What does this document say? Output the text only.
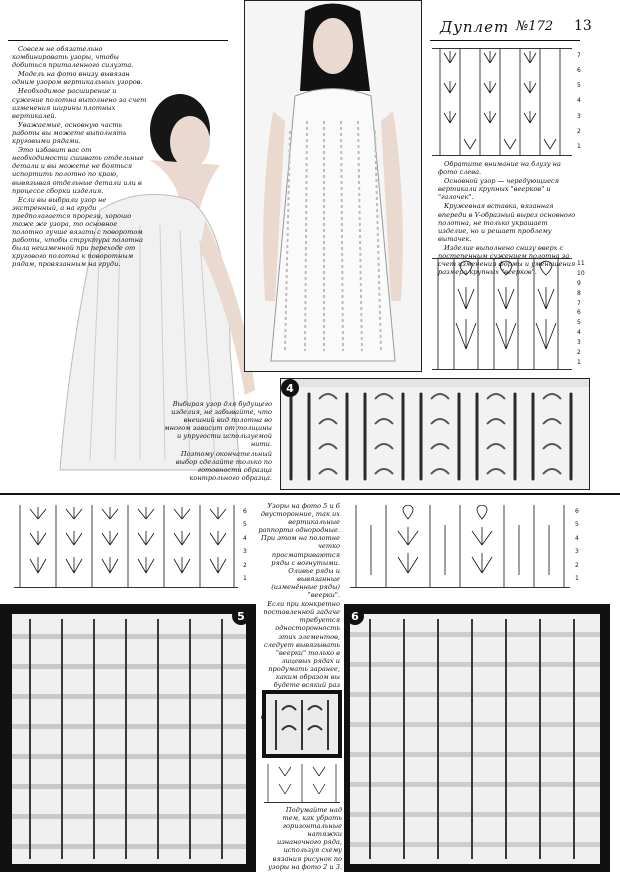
Дуплет №172 13

Совсем не обязательно комбинировать узоры, чтобы добиться приталенного силуэта.

Модель на фото внизу вывязан одним узором вертикальных узоров.

Необходимое расширение и сужение полотна выполнено за счет изменения ширины плотных вертикалей.

Уважаемые, основную часть работы вы можете выполнять круговыми рядами.

Это избавит вас от необходимости сшивать отдельные детали и вы можете не бояться испортить полотно по краю, вывязывая отдельные детали или в процессе сборки изделия.

Если вы выбрали узор не экстренный, а на груди предполагается прорези, хорошо тоже же узора, то основное полотно лучше вязать с поворотом работы, чтобы структура полотна была неизменной при переходе от кругового полотна к поворотным рядам, провязанным на груди.

7
6
5
4
3
2
1

Обратите внимание на блузу на фото слева.

Основной узор — чередующиеся вертикали крупных "веерков" и "галочек".

Кружевная вставка, вязанная впереди в V-образный вырез основного полотна, не только украшает изделие, но и решает проблему вытачек.

Изделие выполнено снизу вверх с постепенным сужением полотна за счет изменения формы и уменьшения размера крупных "веерков".

11
10
9
8
7
6
5
4
3
2
1

Выбирая узор для будущего изделия, не забывайте, что внешний вид полотна во многом зависит от толщины и упругости используемой нити.

Поэтому окончательный выбор сделайте только по готовности образца контрольного образца.

4
6
5
4
3
2
1

Узоры на фото 5 и 6 двусторонние, так их вертикальные раппорта однородные. При этом на полотне четко просматриваются ряды с вогнутыми. Оливье ряды и вывязанные (изменённые ряды) "веерки".

Если при конкретно поставленной задаче требуется односторонность этих элементов, следует вывязывать "веерки" только в лицевых рядах и продумать заранее, каким образом вы будете всякий раз

6
5
4
3
2
1
5

Подумайте над тем, как убрать горизонтальные натяжки изнаночного ряда, используя схему вязания рисунок по узоры на фото 2 и 3.

6
